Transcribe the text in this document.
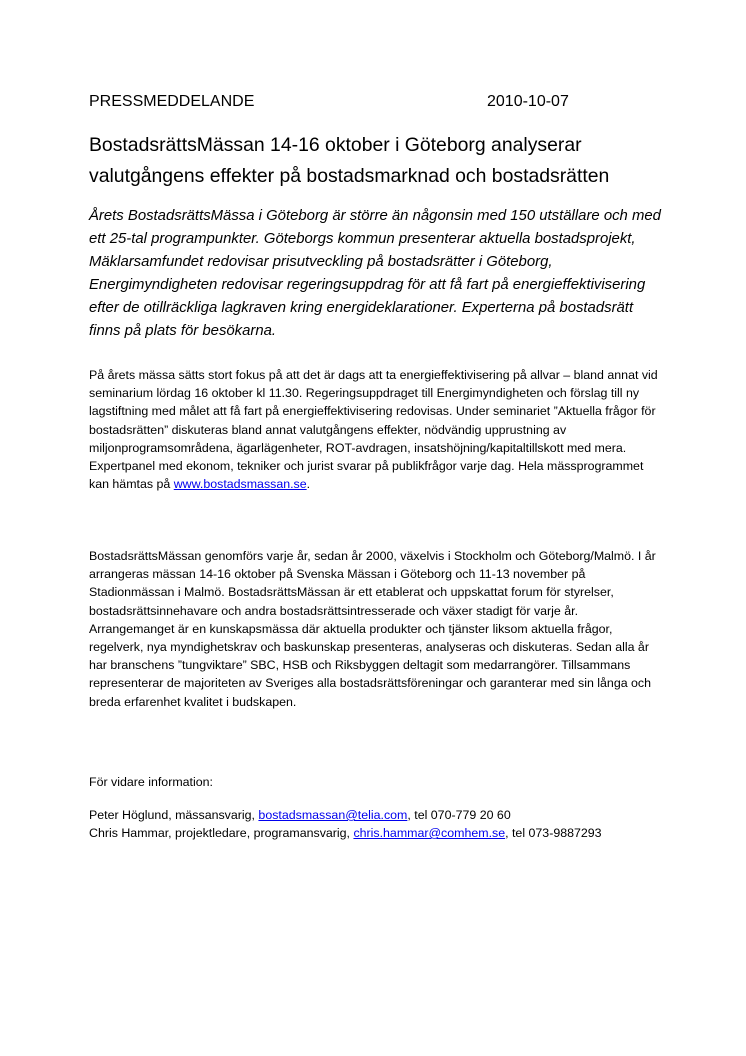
PRESSMEDDELANDE	2010-10-07
BostadsrättsMässan 14-16 oktober i Göteborg analyserar valutgångens effekter på bostadsmarknad och bostadsrätten

Årets BostadsrättsMässa i Göteborg är större än någonsin med 150 utställare och med ett 25-tal programpunkter. Göteborgs kommun presenterar aktuella bostadsprojekt, Mäklarsamfundet redovisar prisutveckling på bostadsrätter i Göteborg, Energimyndigheten redovisar regeringsuppdrag för att få fart på energieffektivisering efter de otillräckliga lagkraven kring energideklarationer. Experterna på bostadsrätt finns på plats för besökarna.

På årets mässa sätts stort fokus på att det är dags att ta energieffektivisering på allvar – bland annat vid seminarium lördag 16 oktober kl 11.30. Regeringsuppdraget till Energimyndigheten och förslag till ny lagstiftning med målet att få fart på energieffektivisering redovisas. Under seminariet ”Aktuella frågor för bostadsrätten” diskuteras bland annat valutgångens effekter, nödvändig upprustning av miljonprogramsområdena, ägarlägenheter, ROT-avdragen, insatshöjning/kapitaltillskott med mera. Expertpanel med ekonom, tekniker och jurist svarar på publikfrågor varje dag. Hela mässprogrammet kan hämtas på www.bostadsmassan.se.

BostadsrättsMässan genomförs varje år, sedan år 2000, växelvis i Stockholm och Göteborg/Malmö. I år arrangeras mässan 14-16 oktober på Svenska Mässan i Göteborg och 11-13 november på Stadionmässan i Malmö. BostadsrättsMässan är ett etablerat och uppskattat forum för styrelser, bostadsrättsinnehavare och andra bostadsrättsintresserade och växer stadigt för varje år. Arrangemanget är en kunskapsmässa där aktuella produkter och tjänster liksom aktuella frågor, regelverk, nya myndighetskrav och baskunskap presenteras, analyseras och diskuteras. Sedan alla år har branschens ”tungviktare” SBC, HSB och Riksbyggen deltagit som medarrangörer. Tillsammans representerar de majoriteten av Sveriges alla bostadsrättsföreningar och garanterar med sin långa och breda erfarenhet kvalitet i budskapen.

För vidare information:

Peter Höglund, mässansvarig, bostadsmassan@telia.com, tel 070-779 20 60
Chris Hammar, projektledare, programansvarig, chris.hammar@comhem.se, tel 073-9887293
